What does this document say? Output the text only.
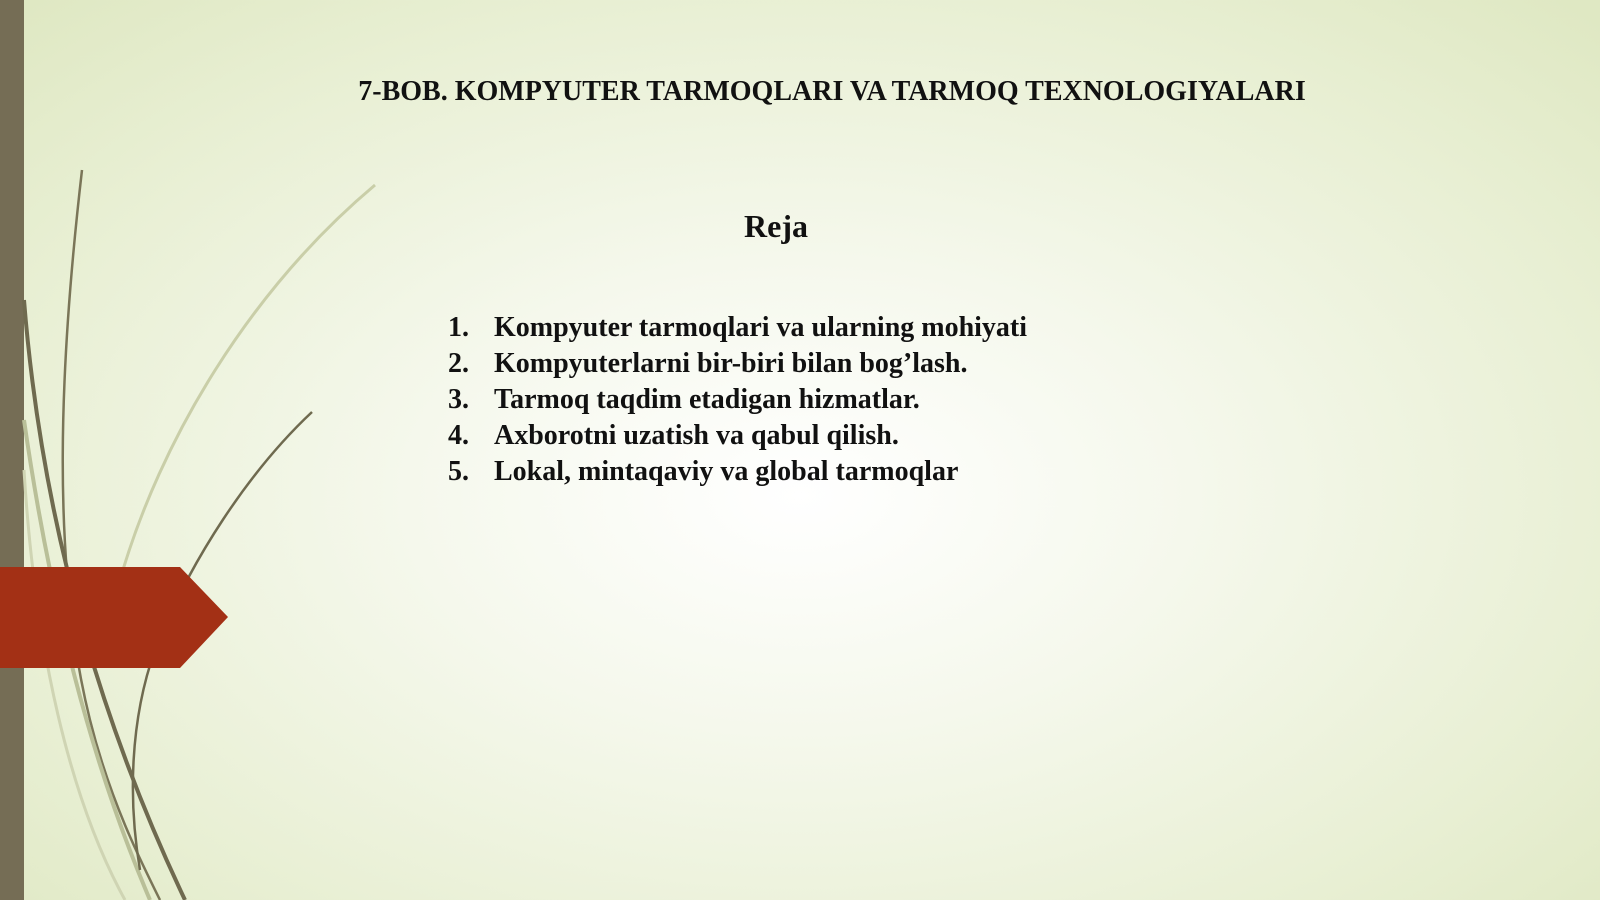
7-BOB. KOMPYUTER TARMOQLARI VA TARMOQ TEXNOLOGIYALARI
Reja
1. Kompyuter tarmoqlari va ularning mohiyati
2. Kompyuterlarni bir-biri bilan bog’lash.
3. Tarmoq taqdim etadigan hizmatlar.
4. Axborotni uzatish va qabul qilish.
5. Lokal, mintaqaviy va global tarmoqlar
